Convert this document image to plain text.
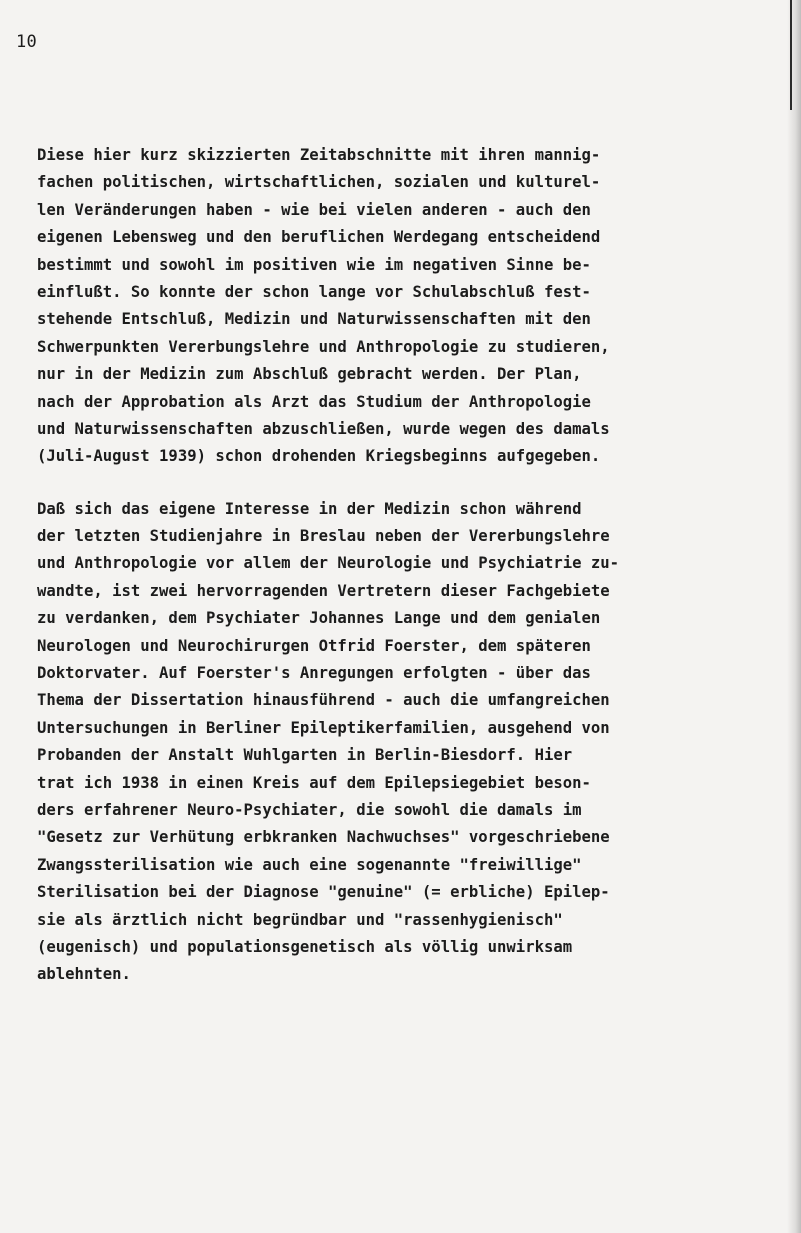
10
Diese hier kurz skizzierten Zeitabschnitte mit ihren mannig-
fachen politischen, wirtschaftlichen, sozialen und kulturel-
len Veränderungen haben - wie bei vielen anderen - auch den
eigenen Lebensweg und den beruflichen Werdegang entscheidend
bestimmt und sowohl im positiven wie im negativen Sinne be-
einflußt. So konnte der schon lange vor Schulabschluß fest-
stehende Entschluß, Medizin und Naturwissenschaften mit den
Schwerpunkten Vererbungslehre und Anthropologie zu studieren,
nur in der Medizin zum Abschluß gebracht werden. Der Plan,
nach der Approbation als Arzt das Studium der Anthropologie
und Naturwissenschaften abzuschließen, wurde wegen des damals
(Juli-August 1939) schon drohenden Kriegsbeginns aufgegeben.
Daß sich das eigene Interesse in der Medizin schon während
der letzten Studienjahre in Breslau neben der Vererbungslehre
und Anthropologie vor allem der Neurologie und Psychiatrie zu-
wandte, ist zwei hervorragenden Vertretern dieser Fachgebiete
zu verdanken, dem Psychiater Johannes Lange und dem genialen
Neurologen und Neurochirurgen Otfrid Foerster, dem späteren
Doktorvater. Auf Foerster's Anregungen erfolgten - über das
Thema der Dissertation hinausführend - auch die umfangreichen
Untersuchungen in Berliner Epileptikerfamilien, ausgehend von
Probanden der Anstalt Wuhlgarten in Berlin-Biesdorf. Hier
trat ich 1938 in einen Kreis auf dem Epilepsiegebiet beson-
ders erfahrener Neuro-Psychiater, die sowohl die damals im
"Gesetz zur Verhütung erbkranken Nachwuchses" vorgeschriebene
Zwangssterilisation wie auch eine sogenannte "freiwillige"
Sterilisation bei der Diagnose "genuine" (= erbliche) Epilep-
sie als ärztlich nicht begründbar und "rassenhygienisch"
(eugenisch) und populationsgenetisch als völlig unwirksam
ablehnten.
